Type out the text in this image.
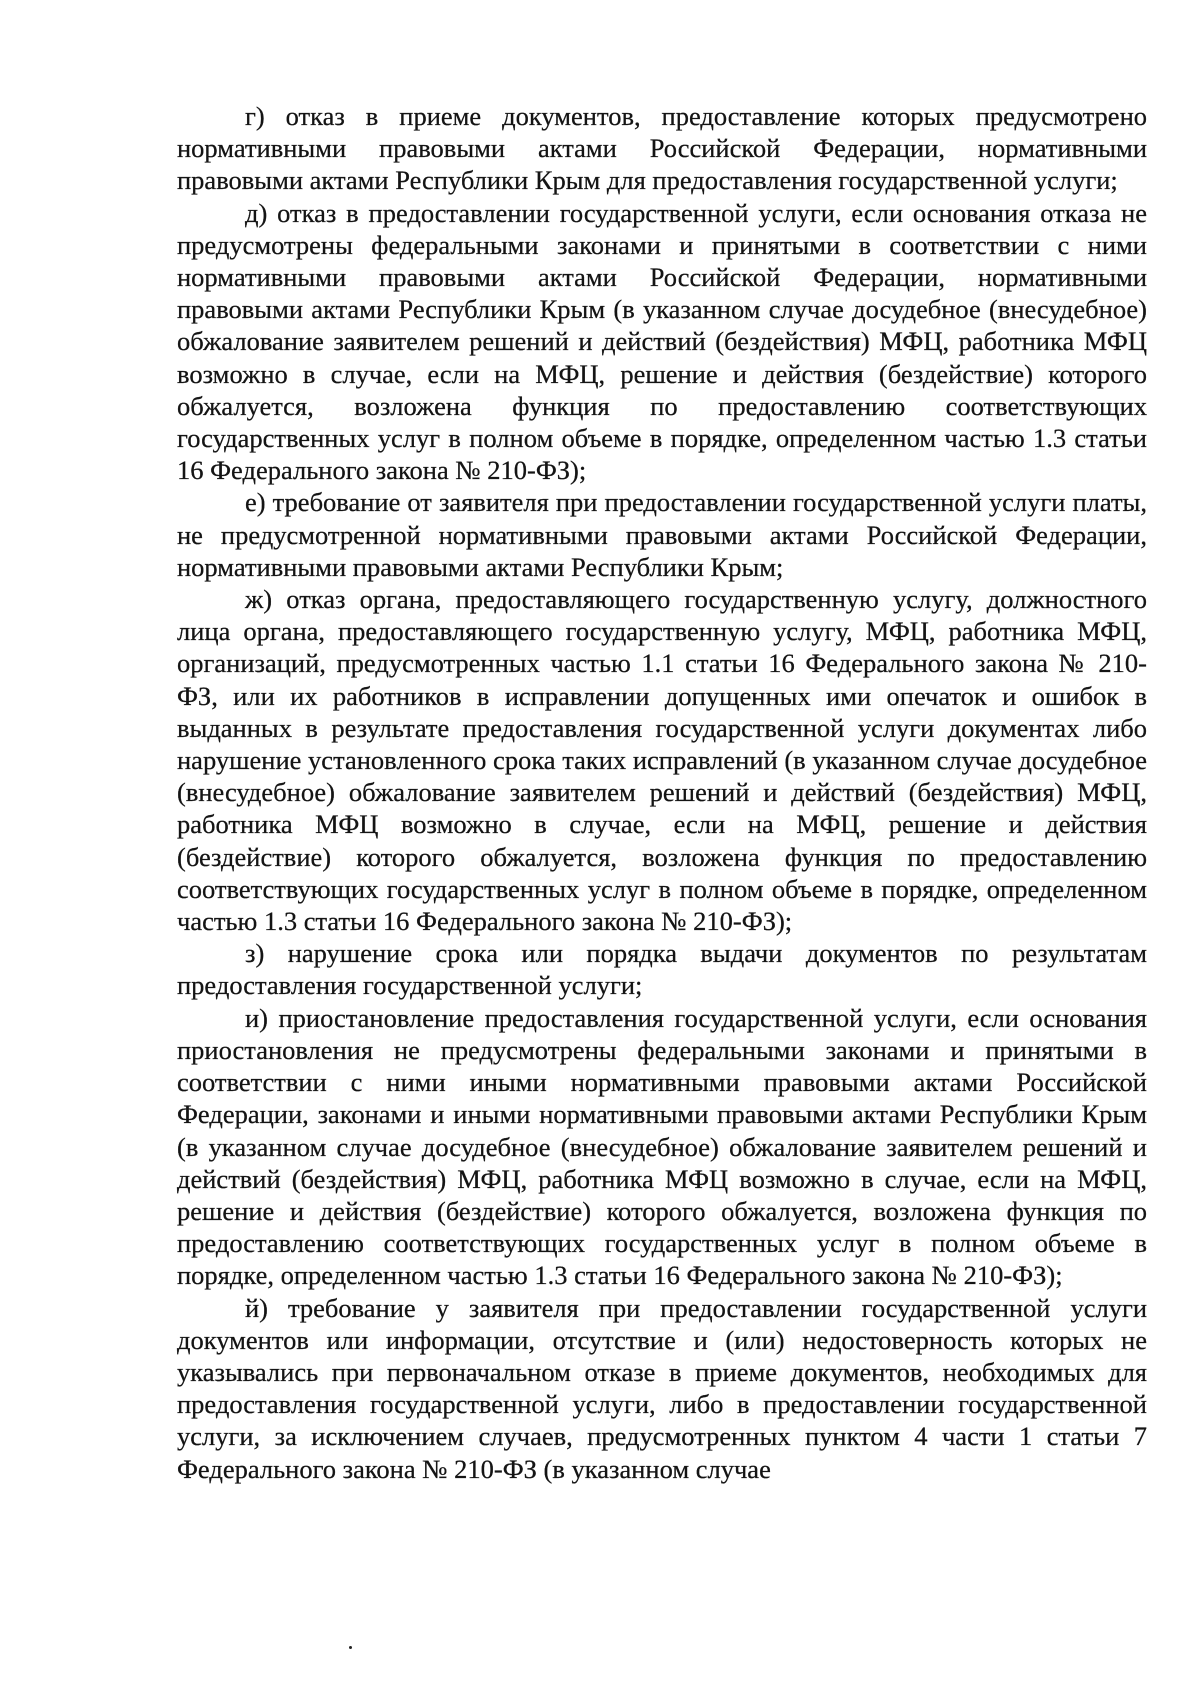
г) отказ в приеме документов, предоставление которых предусмотрено нормативными правовыми актами Российской Федерации, нормативными правовыми актами Республики Крым для предоставления государственной услуги;

д) отказ в предоставлении государственной услуги, если основания отказа не предусмотрены федеральными законами и принятыми в соответствии с ними нормативными правовыми актами Российской Федерации, нормативными правовыми актами Республики Крым (в указанном случае досудебное (внесудебное) обжалование заявителем решений и действий (бездействия) МФЦ, работника МФЦ возможно в случае, если на МФЦ, решение и действия (бездействие) которого обжалуется, возложена функция по предоставлению соответствующих государственных услуг в полном объеме в порядке, определенном частью 1.3 статьи 16 Федерального закона № 210-ФЗ);

е) требование от заявителя при предоставлении государственной услуги платы, не предусмотренной нормативными правовыми актами Российской Федерации, нормативными правовыми актами Республики Крым;

ж) отказ органа, предоставляющего государственную услугу, должностного лица органа, предоставляющего государственную услугу, МФЦ, работника МФЦ, организаций, предусмотренных частью 1.1 статьи 16 Федерального закона № 210-ФЗ, или их работников в исправлении допущенных ими опечаток и ошибок в выданных в результате предоставления государственной услуги документах либо нарушение установленного срока таких исправлений (в указанном случае досудебное (внесудебное) обжалование заявителем решений и действий (бездействия) МФЦ, работника МФЦ возможно в случае, если на МФЦ, решение и действия (бездействие) которого обжалуется, возложена функция по предоставлению соответствующих государственных услуг в полном объеме в порядке, определенном частью 1.3 статьи 16 Федерального закона № 210-ФЗ);

з) нарушение срока или порядка выдачи документов по результатам предоставления государственной услуги;

и) приостановление предоставления государственной услуги, если основания приостановления не предусмотрены федеральными законами и принятыми в соответствии с ними иными нормативными правовыми актами Российской Федерации, законами и иными нормативными правовыми актами Республики Крым (в указанном случае досудебное (внесудебное) обжалование заявителем решений и действий (бездействия) МФЦ, работника МФЦ возможно в случае, если на МФЦ, решение и действия (бездействие) которого обжалуется, возложена функция по предоставлению соответствующих государственных услуг в полном объеме в порядке, определенном частью 1.3 статьи 16 Федерального закона № 210-ФЗ);

й) требование у заявителя при предоставлении государственной услуги документов или информации, отсутствие и (или) недостоверность которых не указывались при первоначальном отказе в приеме документов, необходимых для предоставления государственной услуги, либо в предоставлении государственной услуги, за исключением случаев, предусмотренных пунктом 4 части 1 статьи 7 Федерального закона № 210-ФЗ (в указанном случае
